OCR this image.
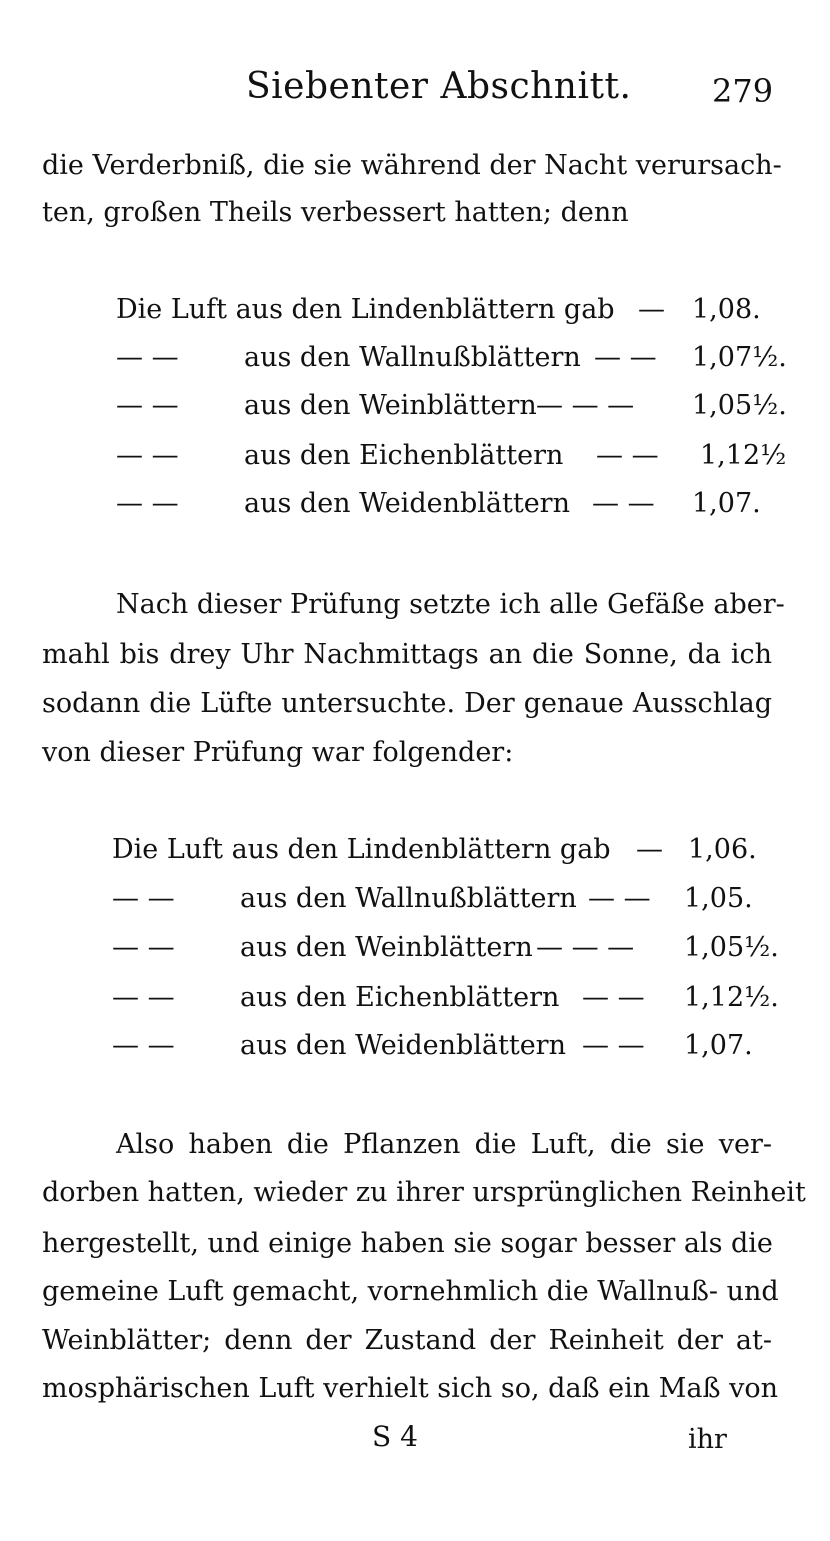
Siebenter Abschnitt.	279
die Verderbniß, die sie während der Nacht verursach-
ten, großen Theils verbessert hatten; denn
Die Luft aus den Lindenblättern gab — 1,08.
— — aus den Wallnußblättern — — 1,07½.
— — aus den Weinblättern — — — 1,05½.
— — aus den Eichenblättern — — 1,12½
— — aus den Weidenblättern — — 1,07.
Nach dieser Prüfung setzte ich alle Gefäße aber-
mahl bis drey Uhr Nachmittags an die Sonne, da ich
sodann die Lüfte untersuchte. Der genaue Ausschlag
von dieser Prüfung war folgender:
Die Luft aus den Lindenblättern gab — 1,06.
— — aus den Wallnußblättern — — 1,05.
— — aus den Weinblättern — — — 1,05½.
— — aus den Eichenblättern — — 1,12½.
— — aus den Weidenblättern — — 1,07.
Also haben die Pflanzen die Luft, die sie ver-
dorben hatten, wieder zu ihrer ursprünglichen Reinheit
hergestellt, und einige haben sie sogar besser als die
gemeine Luft gemacht, vornehmlich die Wallnuß- und
Weinblätter; denn der Zustand der Reinheit der at-
mosphärischen Luft verhielt sich so, daß ein Maß von
S 4	ihr
